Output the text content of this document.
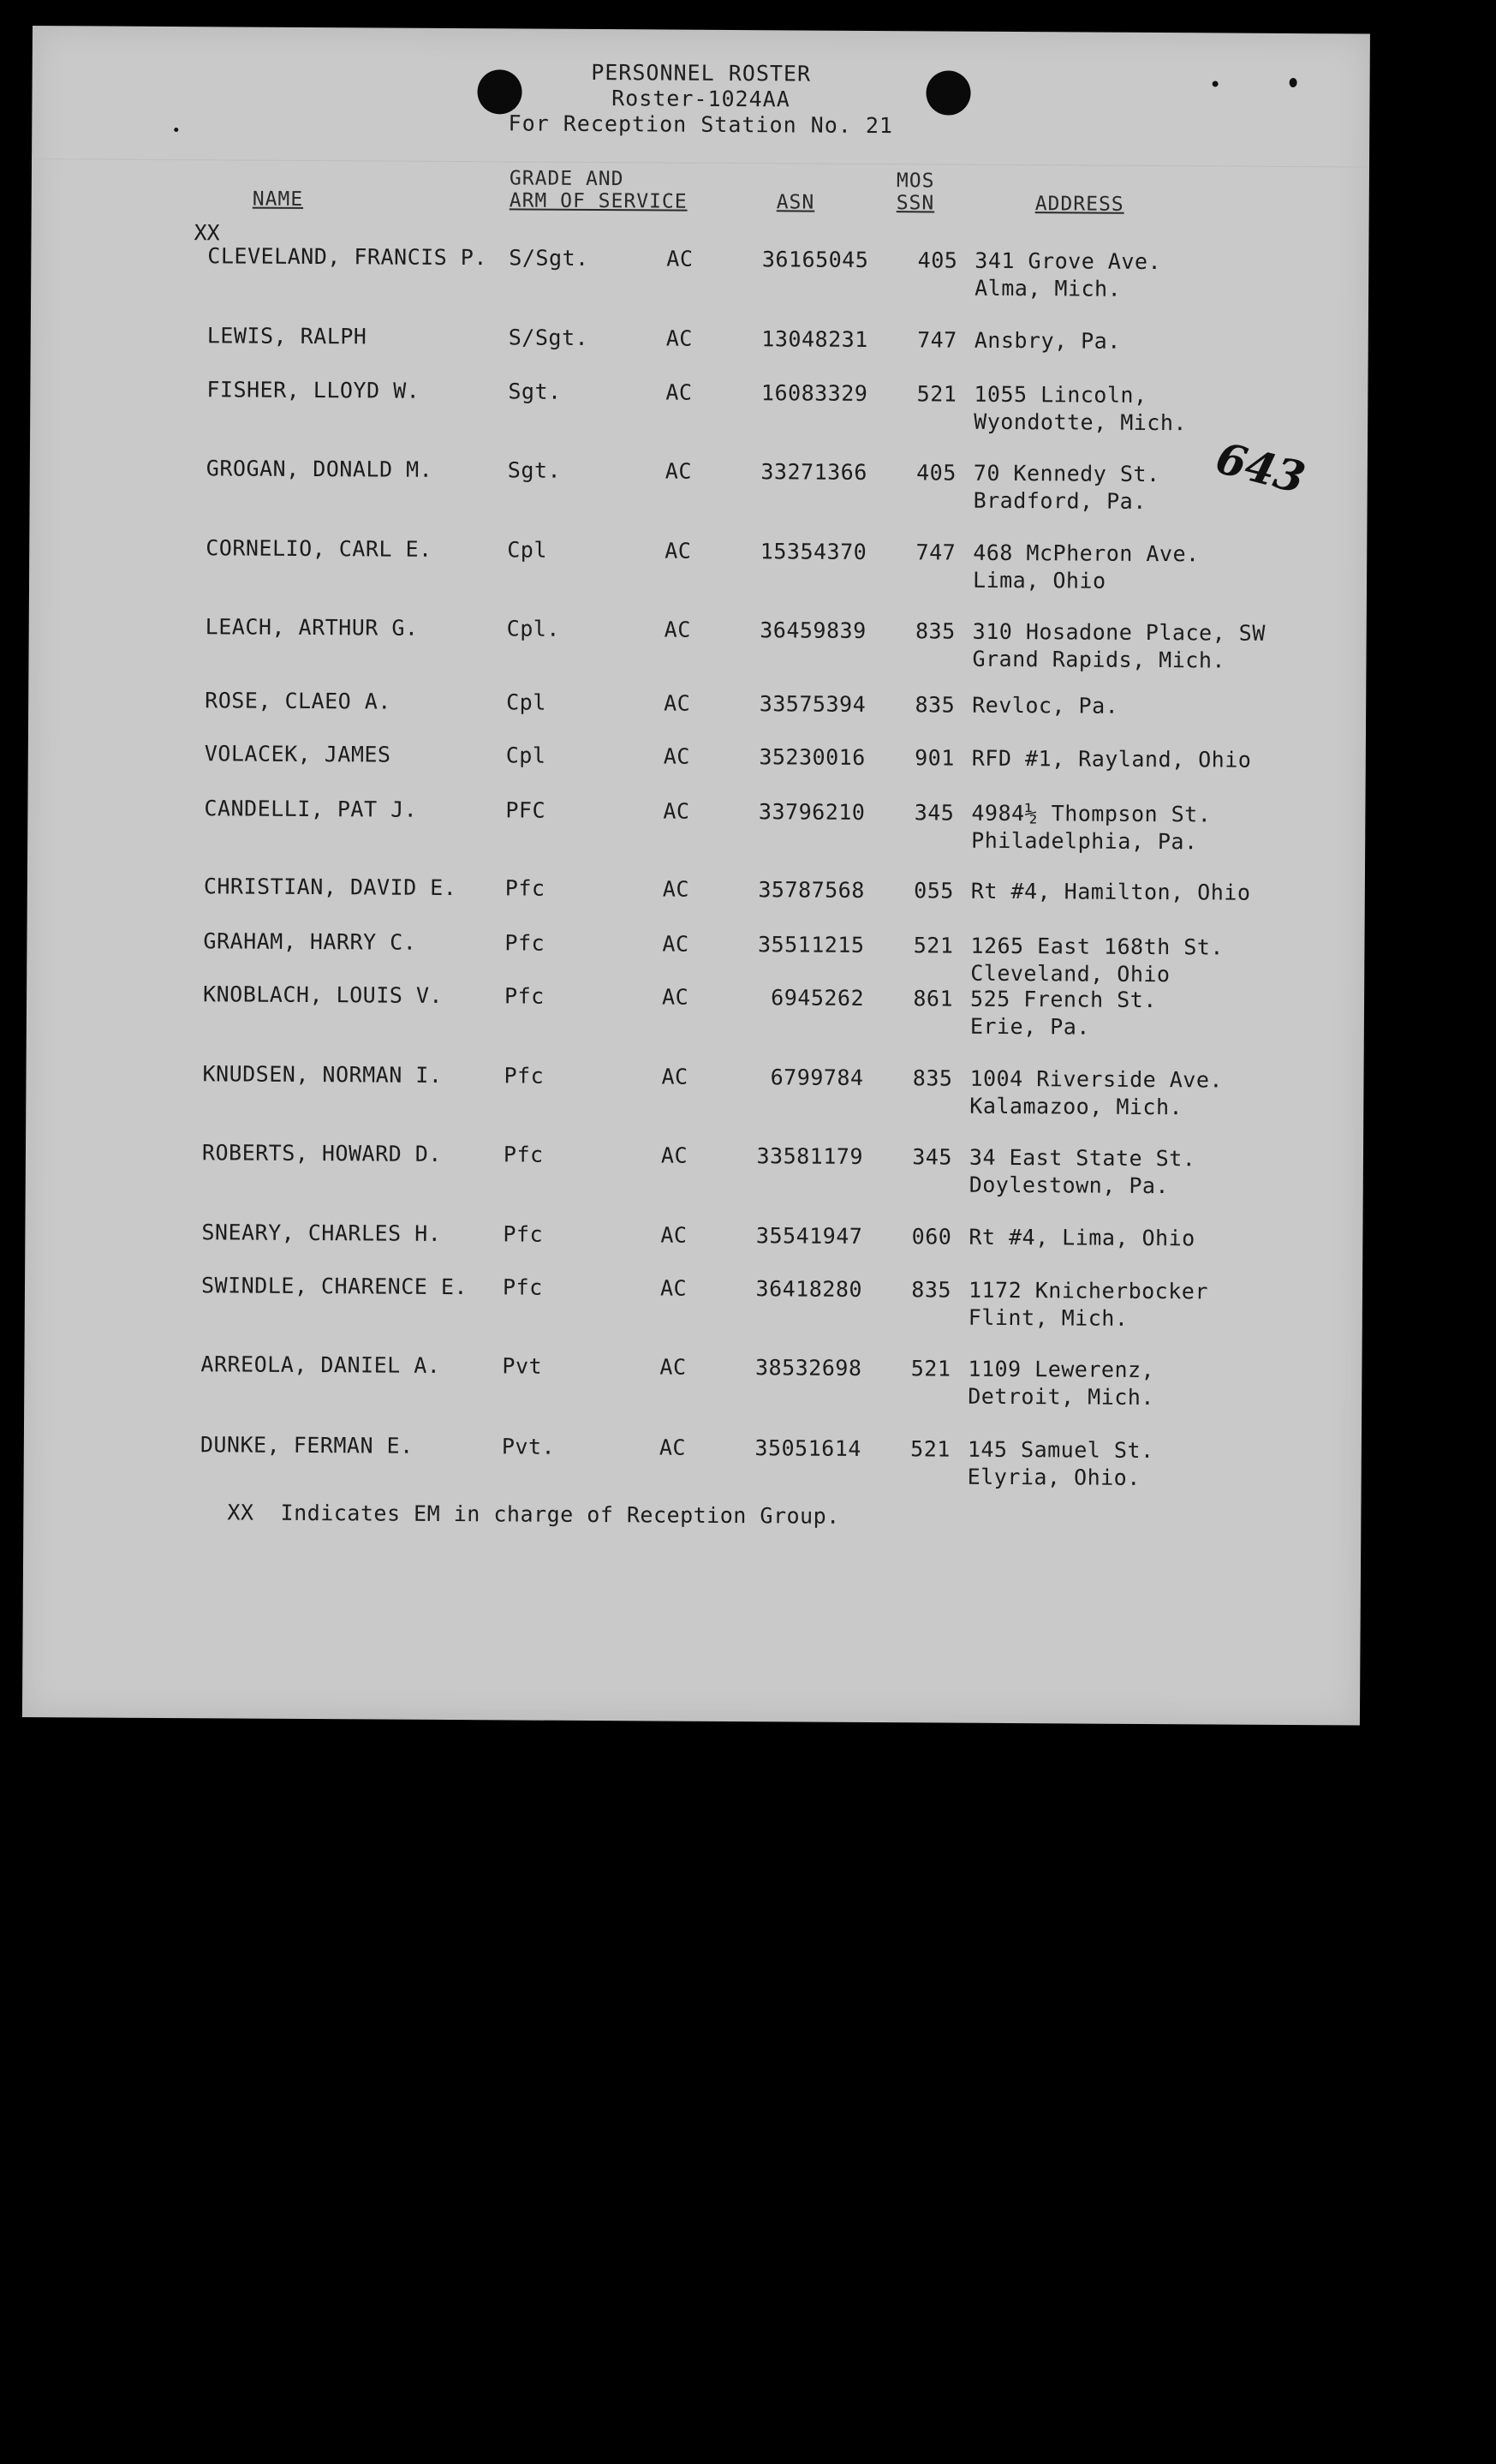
PERSONNEL ROSTER
Roster-1024AA
For Reception Station No. 21
NAME
GRADE AND
ARM OF SERVICE	ASN
MOS
SSN	ADDRESS
XX
643
CLEVELAND, FRANCIS P. S/Sgt.	AC	36165045	405 341 Grove Ave.
Alma, Mich.
LEWIS, RALPH	S/Sgt.	AC	13048231	747 Ansbry, Pa.
FISHER, LLOYD W.	Sgt.	AC	16083329	521 1055 Lincoln,
Wyondotte, Mich.
GROGAN, DONALD M.	Sgt.	AC	33271366	405 70 Kennedy St.
Bradford, Pa.
CORNELIO, CARL E.	Cpl	AC	15354370	747 468 McPheron Ave.
Lima, Ohio
LEACH, ARTHUR G.	Cpl.	AC	36459839	835 310 Hosadone Place, SW
Grand Rapids, Mich.
ROSE, CLAEO A.	Cpl	AC	33575394	835 Revloc, Pa.
VOLACEK, JAMES	Cpl	AC	35230016	901 RFD #1, Rayland, Ohio
CANDELLI, PAT J.	PFC	AC	33796210	345 4984½ Thompson St.
Philadelphia, Pa.
CHRISTIAN, DAVID E. Pfc	AC	35787568	055 Rt #4, Hamilton, Ohio
GRAHAM, HARRY C.	Pfc	AC	35511215	521 1265 East 168th St.
Cleveland, Ohio
KNOBLACH, LOUIS V.	Pfc	AC	6945262	861 525 French St.
Erie, Pa.
KNUDSEN, NORMAN I.	Pfc	AC	6799784	835 1004 Riverside Ave.
Kalamazoo, Mich.
ROBERTS, HOWARD D.	Pfc	AC	33581179	345 34 East State St.
Doylestown, Pa.
SNEARY, CHARLES H.	Pfc	AC	35541947	060 Rt #4, Lima, Ohio
SWINDLE, CHARENCE E. Pfc	AC	36418280	835 1172 Knicherbocker
Flint, Mich.
ARREOLA, DANIEL A.	Pvt	AC	38532698	521 1109 Lewerenz,
Detroit, Mich.
DUNKE, FERMAN E.	Pvt.	AC	35051614	521 145 Samuel St.
Elyria, Ohio.
XX  Indicates EM in charge of Reception Group.
